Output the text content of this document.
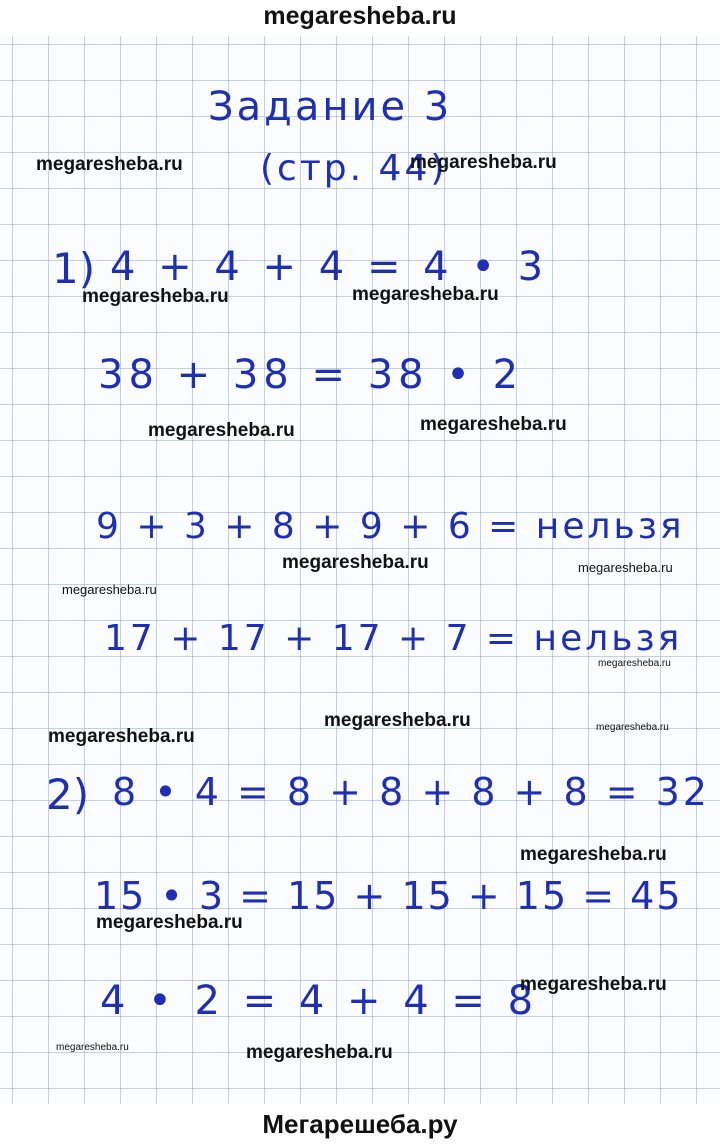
megaresheba.ru
Задание 3
(стр. 44)
1) 4 + 4 + 4 = 4 • 3
38 + 38 = 38 • 2
9 + 3 + 8 + 9 + 6 = нельзя
17 + 17 + 17 + 7 = нельзя
2) 8 • 4 = 8 + 8 + 8 + 8 = 32
15 • 3 = 15 + 15 + 15 = 45
4 • 2 = 4 + 4 = 8
megaresheba.ru	megaresheba.ru
megaresheba.ru	megaresheba.ru
megaresheba.ru	megaresheba.ru
megaresheba.ru	megaresheba.ru
megaresheba.ru
megaresheba.ru
megaresheba.ru	megaresheba.ru
megaresheba.ru
megaresheba.ru
megaresheba.ru
megaresheba.ru
megaresheba.ru	megaresheba.ru
Мегарешеба.ру
